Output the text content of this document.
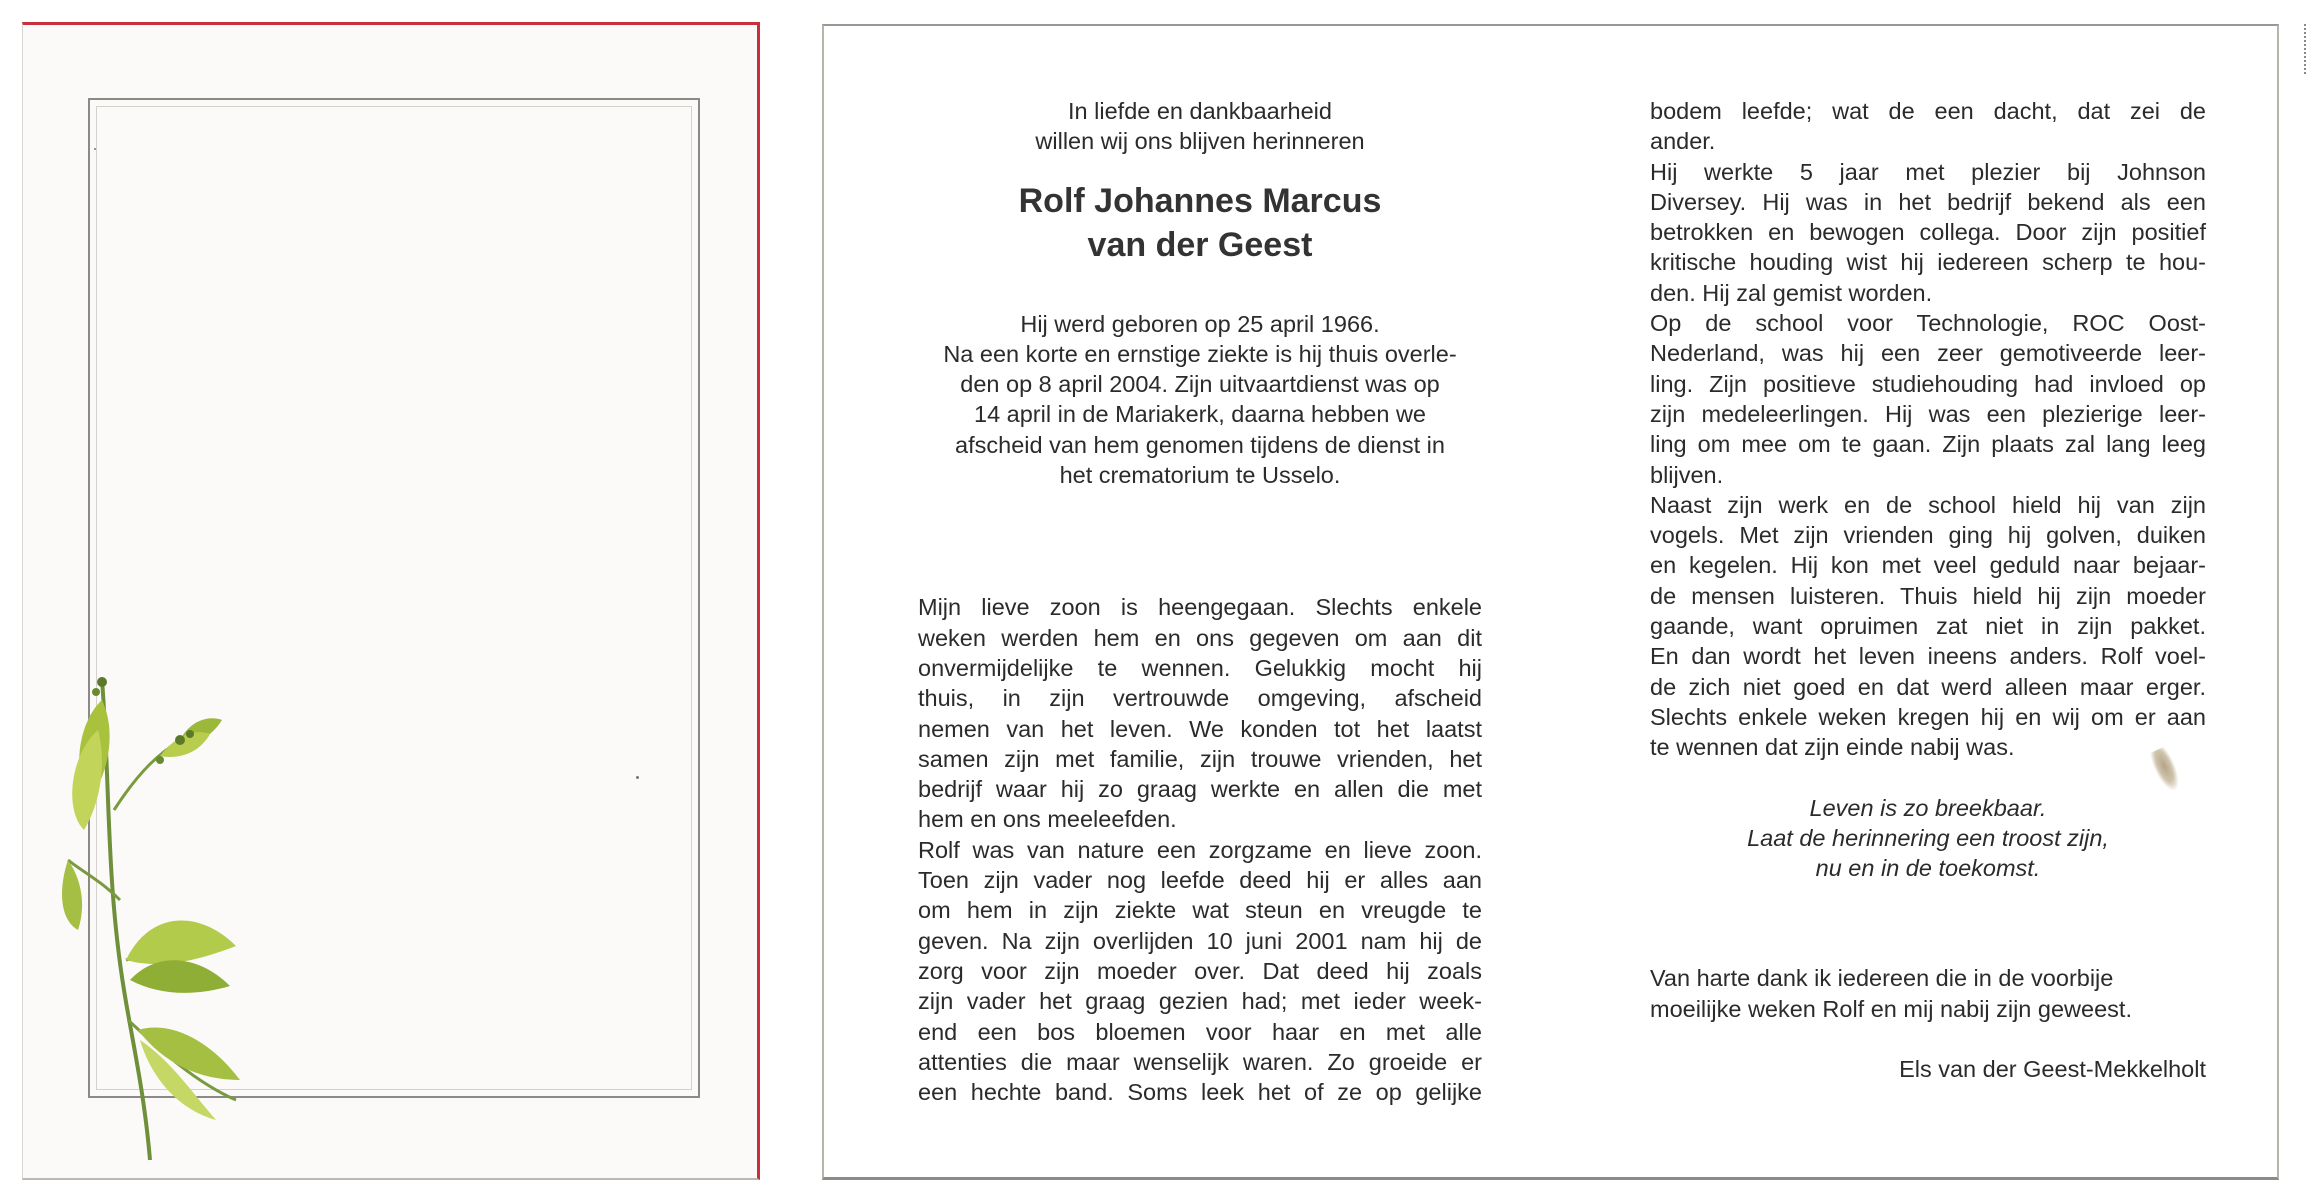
In liefde en dankbaarheid

willen wij ons blijven herinneren

Rolf Johannes Marcus
van der Geest
Hij werd geboren op 25 april 1966.
Na een korte en ernstige ziekte is hij thuis overle-
den op 8 april 2004. Zijn uitvaartdienst was op
14 april in de Mariakerk, daarna hebben we
afscheid van hem genomen tijdens de dienst in
het crematorium te Usselo.
Mijn lieve zoon is heengegaan. Slechts enkele
weken werden hem en ons gegeven om aan dit
onvermijdelijke te wennen. Gelukkig mocht hij
thuis, in zijn vertrouwde omgeving, afscheid
nemen van het leven. We konden tot het laatst
samen zijn met familie, zijn trouwe vrienden, het
bedrijf waar hij zo graag werkte en allen die met
hem en ons meeleefden.
Rolf was van nature een zorgzame en lieve zoon.
Toen zijn vader nog leefde deed hij er alles aan
om hem in zijn ziekte wat steun en vreugde te
geven. Na zijn overlijden 10 juni 2001 nam hij de
zorg voor zijn moeder over. Dat deed hij zoals
zijn vader het graag gezien had; met ieder week-
end een bos bloemen voor haar en met alle
attenties die maar wenselijk waren. Zo groeide er
een hechte band. Soms leek het of ze op gelijke
bodem leefde; wat de een dacht, dat zei de
ander.
Hij werkte 5 jaar met plezier bij Johnson
Diversey. Hij was in het bedrijf bekend als een
betrokken en bewogen collega. Door zijn positief
kritische houding wist hij iedereen scherp te hou-
den. Hij zal gemist worden.
Op de school voor Technologie, ROC Oost-
Nederland, was hij een zeer gemotiveerde leer-
ling. Zijn positieve studiehouding had invloed op
zijn medeleerlingen. Hij was een plezierige leer-
ling om mee om te gaan. Zijn plaats zal lang leeg
blijven.
Naast zijn werk en de school hield hij van zijn
vogels. Met zijn vrienden ging hij golven, duiken
en kegelen. Hij kon met veel geduld naar bejaar-
de mensen luisteren. Thuis hield hij zijn moeder
gaande, want opruimen zat niet in zijn pakket.
En dan wordt het leven ineens anders. Rolf voel-
de zich niet goed en dat werd alleen maar erger.
Slechts enkele weken kregen hij en wij om er aan
te wennen dat zijn einde nabij was.
Leven is zo breekbaar.
Laat de herinnering een troost zijn,
nu en in de toekomst.
Van harte dank ik iedereen die in de voorbije
moeilijke weken Rolf en mij nabij zijn geweest.
Els van der Geest-Mekkelholt
